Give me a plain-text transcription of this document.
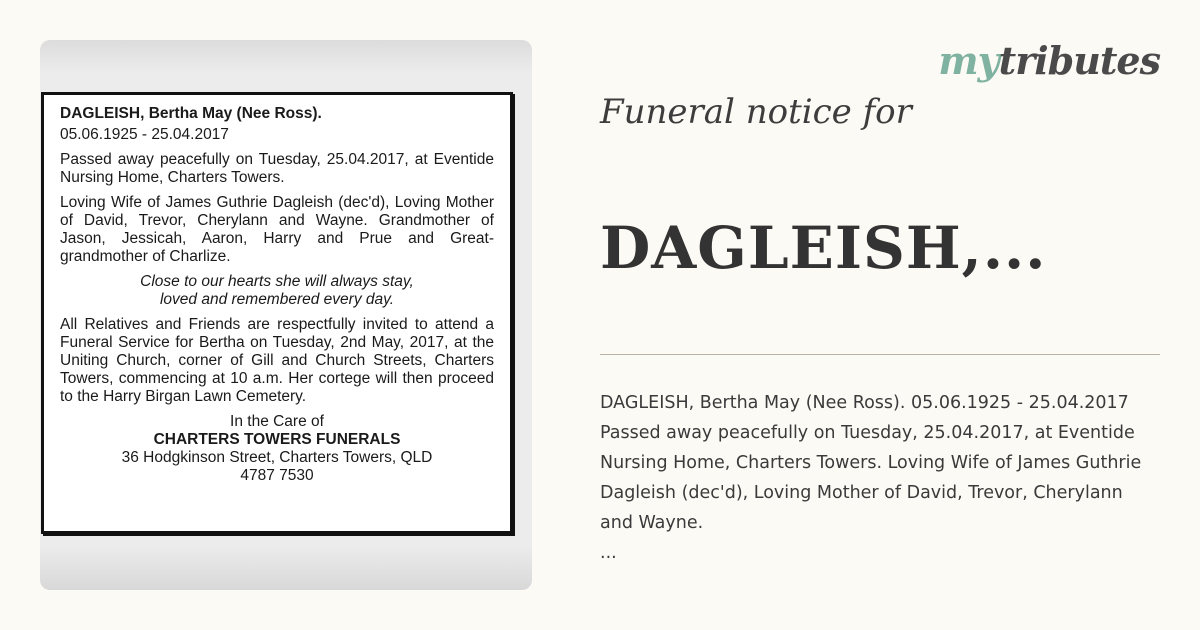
DAGLEISH, Bertha May (Nee Ross).

05.06.1925 - 25.04.2017

Passed away peacefully on Tuesday, 25.04.2017, at Eventide Nursing Home, Charters Towers.

Loving Wife of James Guthrie Dagleish (dec'd), Loving Mother of David, Trevor, Cherylann and Wayne. Grandmother of Jason, Jessicah, Aaron, Harry and Prue and Great-grandmother of Charlize.

Close to our hearts she will always stay,
loved and remembered every day.

All Relatives and Friends are respectfully invited to attend a Funeral Service for Bertha on Tuesday, 2nd May, 2017, at the Uniting Church, corner of Gill and Church Streets, Charters Towers, commencing at 10 a.m. Her cortege will then proceed to the Harry Birgan Lawn Cemetery.

In the Care of
CHARTERS TOWERS FUNERALS
36 Hodgkinson Street, Charters Towers, QLD
4787 7530
mytributes
Funeral notice for
DAGLEISH,...
DAGLEISH, Bertha May (Nee Ross). 05.06.1925 - 25.04.2017 Passed away peacefully on Tuesday, 25.04.2017, at Eventide Nursing Home, Charters Towers. Loving Wife of James Guthrie Dagleish (dec'd), Loving Mother of David, Trevor, Cherylann and Wayne.
...
